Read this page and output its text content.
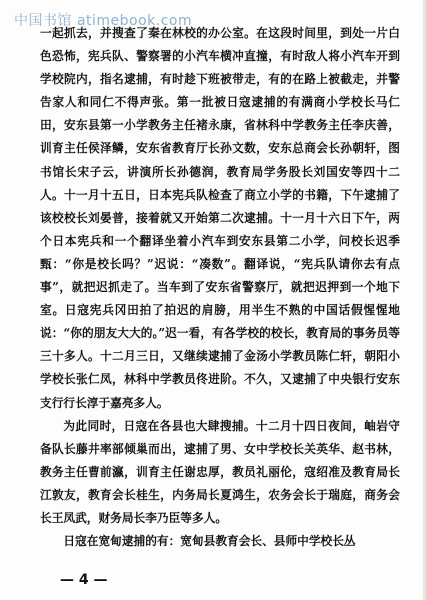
中国书馆 atimebook.com

一起抓去，并搜查了秦在林校的办公室。在这段时间里，到处一片白色恐怖，宪兵队、警察署的小汽车横冲直撞，有时敌人将小汽车开到学校院内，指名逮捕，有时趁下班被带走，有的在路上被截走，并警告家人和同仁不得声张。第一批被日寇逮捕的有满商小学校长马仁田，安东县第一小学教务主任褚永康，省林科中学教务主任李庆善，训育主任侯泽鳞，安东省教育厅长孙文数，安东总商会长孙朝轩，图书馆长宋子云，讲演所长孙德润，教育局学务股长刘国安等四十二人。十一月十五日，日本宪兵队检查了商立小学的书籍，下午逮捕了该校校长刘晏普，接着就又开始第二次逮捕。十一月十六日下午，两个日本宪兵和一个翻译坐着小汽车到安东县第二小学，问校长迟季甄：“你是校长吗？”迟说：“凑数”。翻译说，“宪兵队请你去有点事”，就把迟抓走了。当车到了安东省警察厅，就把迟押到一个地下室。日寇宪兵冈田拍了拍迟的肩膀，用半生不熟的中国话假惺惺地说：“你的朋友大大的。”迟一看，有各学校的校长，教育局的事务员等三十多人。十二月三日，又继续逮捕了金汤小学教员陈仁轩，朝阳小学校长张仁凤，林科中学教员佟进阶。不久，又逮捕了中央银行安东支行行长淳于嘉亮多人。

为此同时，日寇在各县也大肆搜捕。十二月十四日夜间，岫岩守备队长藤井率部倾巢而出，逮捕了男、女中学校长关英华、赵书林，教务主任曹前瀛，训育主任谢忠厚，教员礼丽伦，寇绍准及教育局长江敦友，教育会长桂生，内务局长夏鸿生，农务会长于瑞庭，商务会长王凤武，财务局长李乃臣等多人。

日寇在宽甸逮捕的有：宽甸县教育会长、县师中学校长丛

— 4 —
